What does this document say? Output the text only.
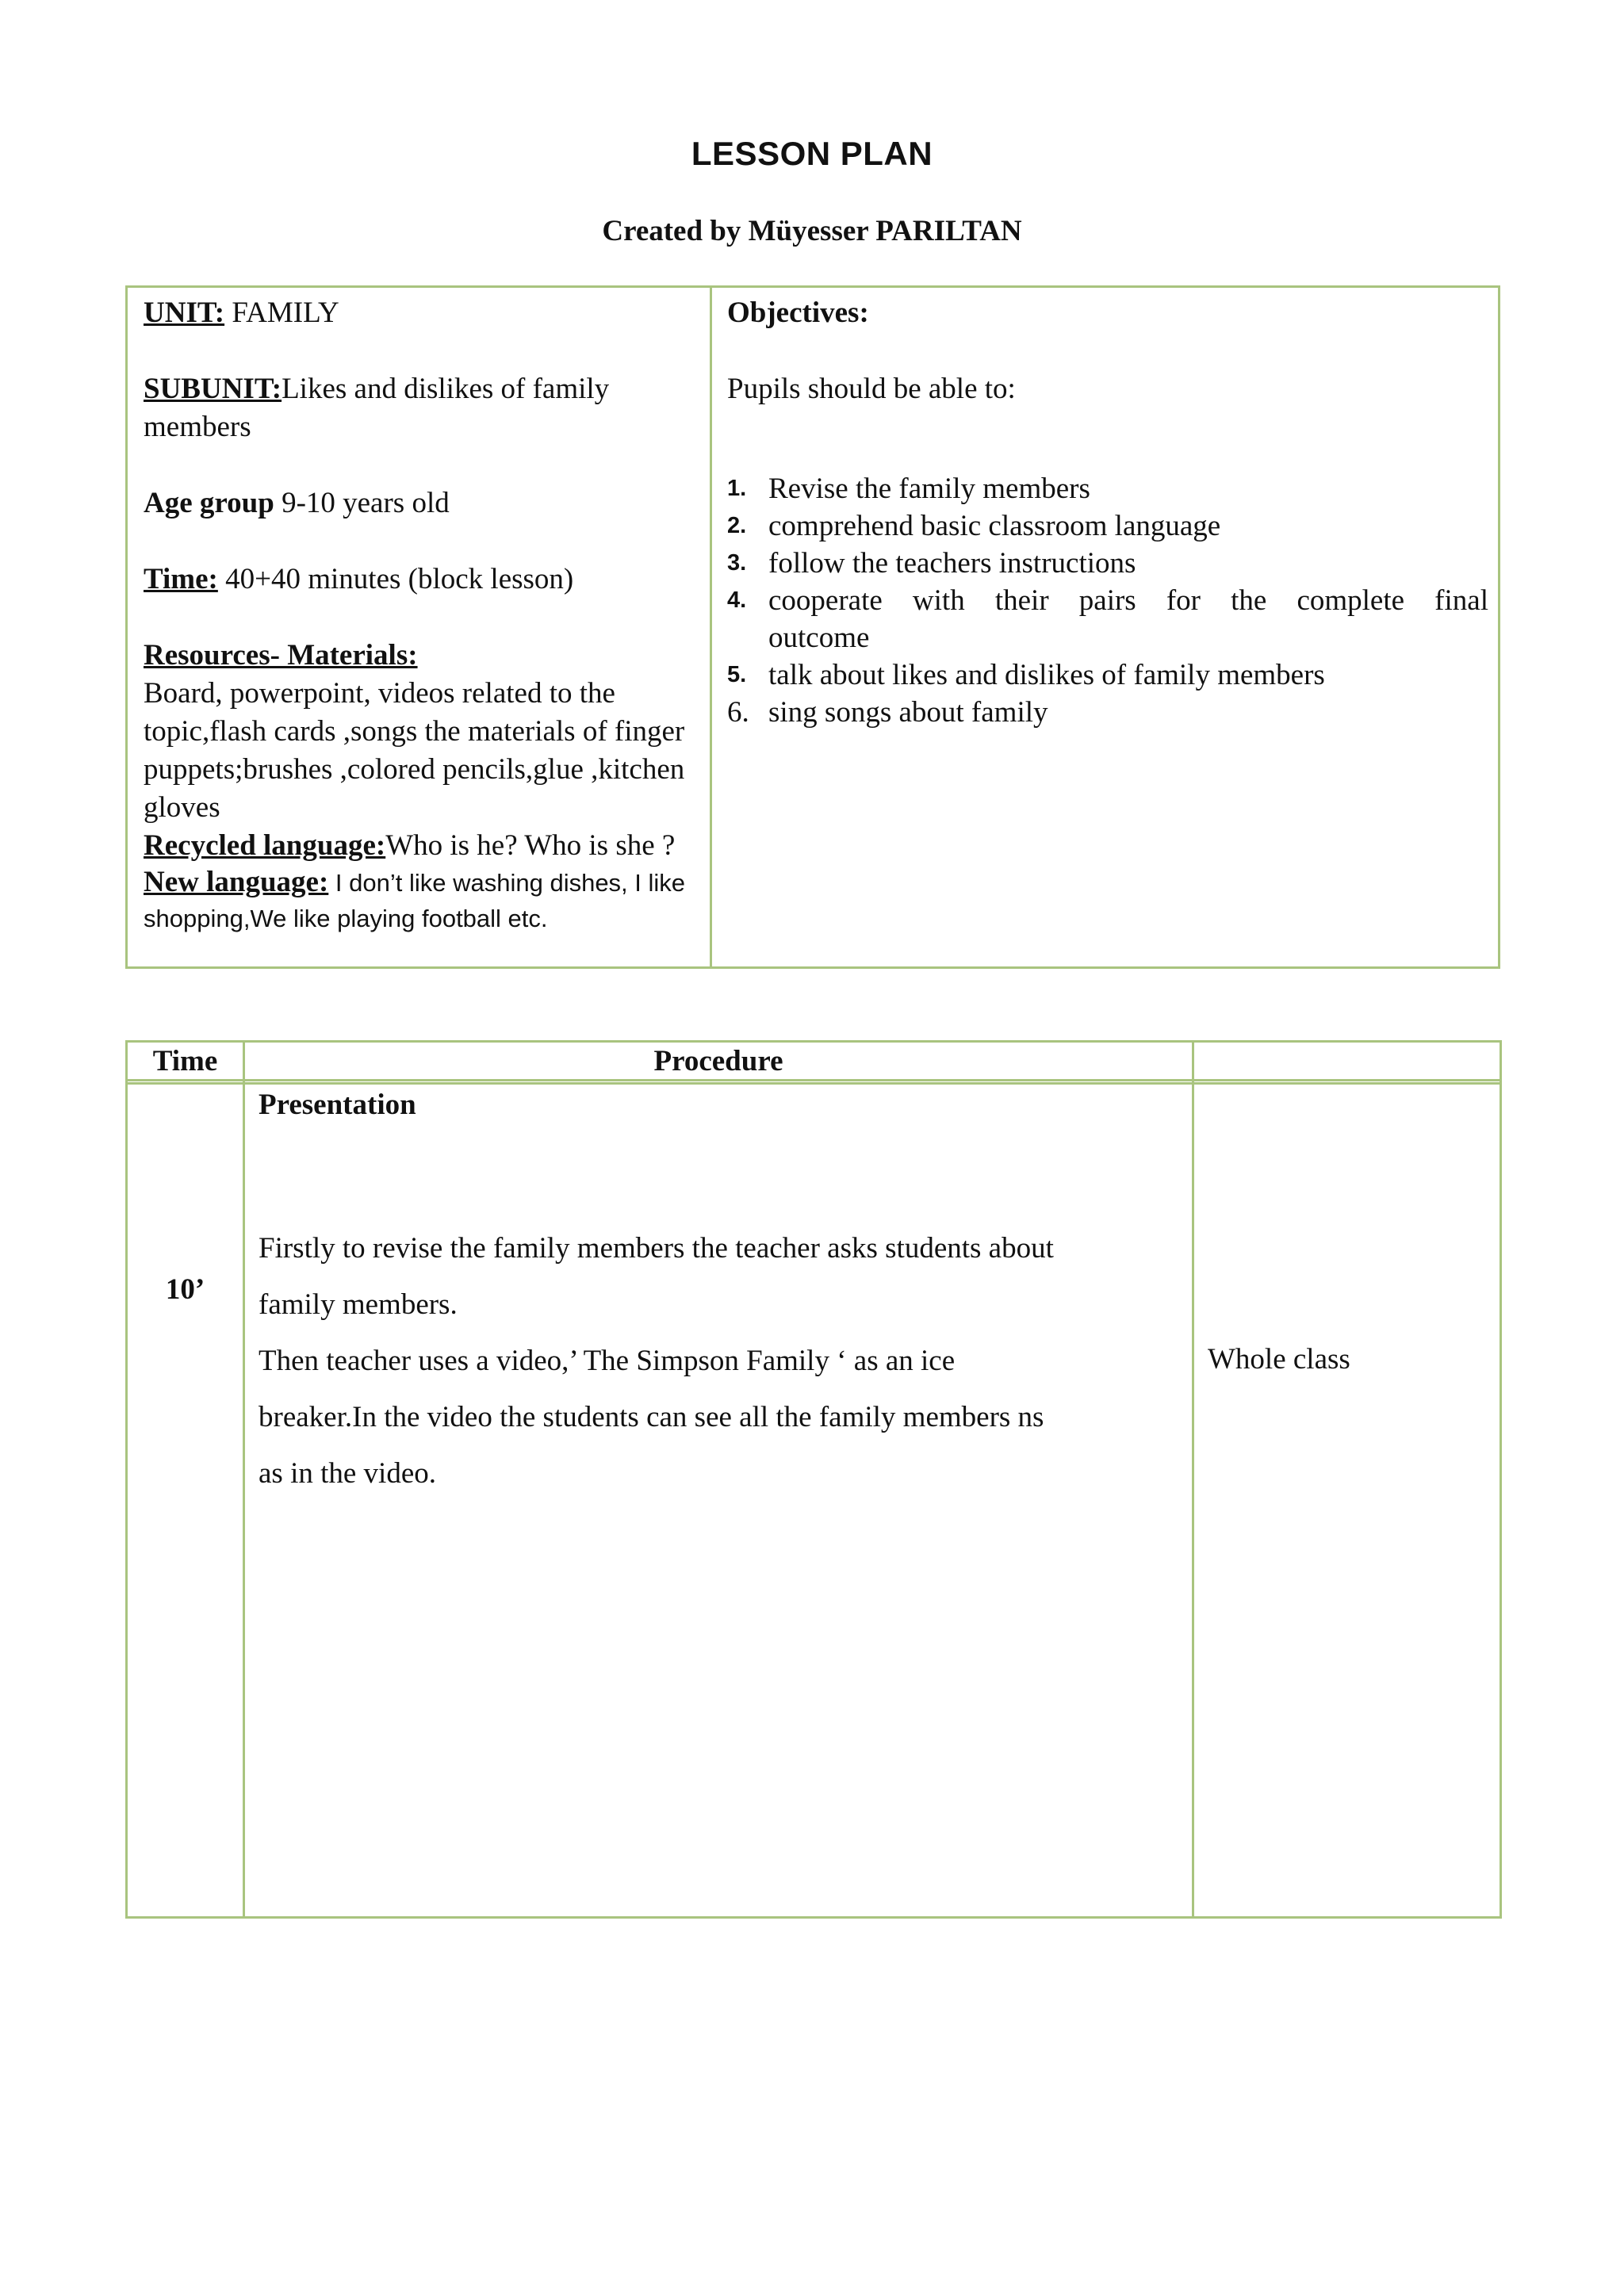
LESSON PLAN
Created by Müyesser PARILTAN
UNIT: FAMILY
SUBUNIT:Likes and dislikes of family members
Age group 9-10 years old
Time: 40+40 minutes (block lesson)
Resources- Materials:
Board, powerpoint, videos related to the topic,flash cards ,songs the materials of finger puppets;brushes ,colored pencils,glue ,kitchen gloves
Recycled language:Who is he? Who is she ?
New language: I don’t like washing dishes, I like shopping,We like playing football etc.
Objectives:
Pupils should be able to:
1. Revise the family members
2. comprehend basic classroom language
3. follow the teachers instructions
4. cooperate with their pairs for the complete final
outcome
5. talk about likes and dislikes of family members
6. sing songs about family
Time	Procedure
10’
Presentation
Firstly to revise the family members the teacher asks students about
family members.
Then teacher uses a video,’ The Simpson Family ‘ as an ice
breaker.In the video the students can see all the family members ns
as in the video.
Whole class
